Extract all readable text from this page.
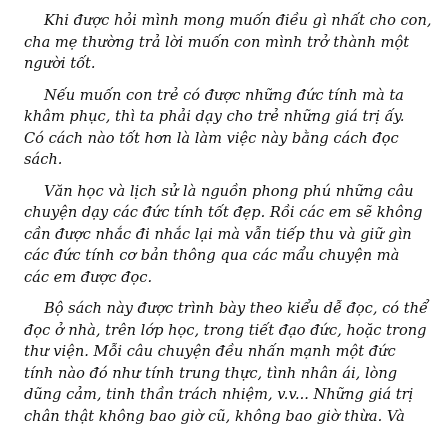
Khi được hỏi mình mong muốn điều gì nhất cho con,
cha mẹ thường trả lời muốn con mình trở thành một
người tốt.

Nếu muốn con trẻ có được những đức tính mà ta
khâm phục, thì ta phải dạy cho trẻ những giá trị ấy.
Có cách nào tốt hơn là làm việc này bằng cách đọc
sách.

Văn học và lịch sử là nguồn phong phú những câu
chuyện dạy các đức tính tốt đẹp. Rồi các em sẽ không
cần được nhắc đi nhắc lại mà vẫn tiếp thu và giữ gìn
các đức tính cơ bản thông qua các mẩu chuyện mà
các em được đọc.

Bộ sách này được trình bày theo kiểu dễ đọc, có thể
đọc ở nhà, trên lớp học, trong tiết đạo đức, hoặc trong
thư viện. Mỗi câu chuyện đều nhấn mạnh một đức
tính nào đó như tính trung thực, tình nhân ái, lòng
dũng cảm, tinh thần trách nhiệm, v.v... Những giá trị
chân thật không bao giờ cũ, không bao giờ thừa. Và
